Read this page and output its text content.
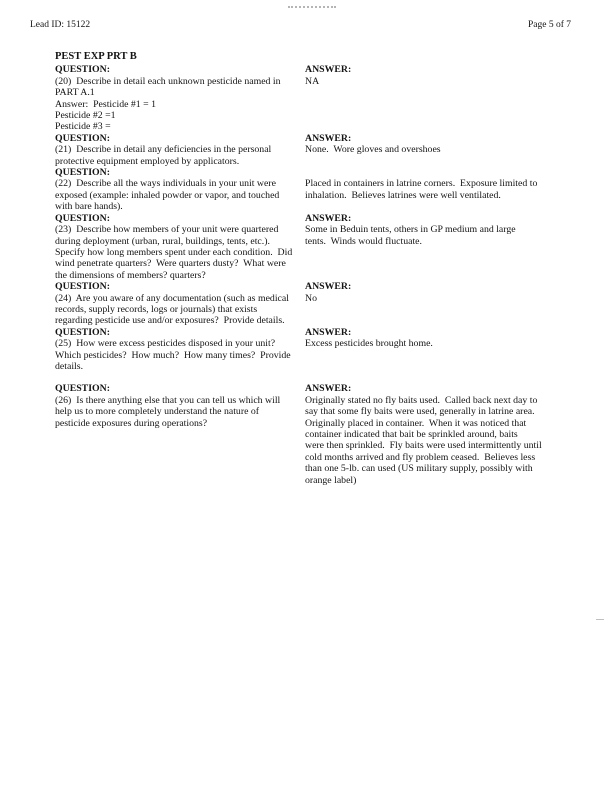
Lead ID: 15122	Page 5 of 7
PEST EXP PRT B
QUESTION:
(20)  Describe in detail each unknown pesticide named in
PART A.1
Answer:  Pesticide #1 = 1
Pesticide #2 =1
Pesticide #3 =
ANSWER:
NA
QUESTION:
(21)  Describe in detail any deficiencies in the personal
protective equipment employed by applicators.
ANSWER:
None.  Wore gloves and overshoes
QUESTION:
(22)  Describe all the ways individuals in your unit were
exposed (example: inhaled powder or vapor, and touched
with bare hands).
Placed in containers in latrine corners.  Exposure limited to
inhalation.  Believes latrines were well ventilated.
QUESTION:
(23)  Describe how members of your unit were quartered
during deployment (urban, rural, buildings, tents, etc.).
Specify how long members spent under each condition.  Did
wind penetrate quarters?  Were quarters dusty?  What were
the dimensions of members? quarters?
ANSWER:
Some in Beduin tents, others in GP medium and large
tents.  Winds would fluctuate.
QUESTION:
(24)  Are you aware of any documentation (such as medical
records, supply records, logs or journals) that exists
regarding pesticide use and/or exposures?  Provide details.
ANSWER:
No
QUESTION:
(25)  How were excess pesticides disposed in your unit?
Which pesticides?  How much?  How many times?  Provide
details.
ANSWER:
Excess pesticides brought home.
QUESTION:
(26)  Is there anything else that you can tell us which will
help us to more completely understand the nature of
pesticide exposures during operations?
ANSWER:
Originally stated no fly baits used.  Called back next day to
say that some fly baits were used, generally in latrine area.
Originally placed in container.  When it was noticed that
container indicated that bait be sprinkled around, baits
were then sprinkled.  Fly baits were used intermittently until
cold months arrived and fly problem ceased.  Believes less
than one 5-lb. can used (US military supply, possibly with
orange label)
